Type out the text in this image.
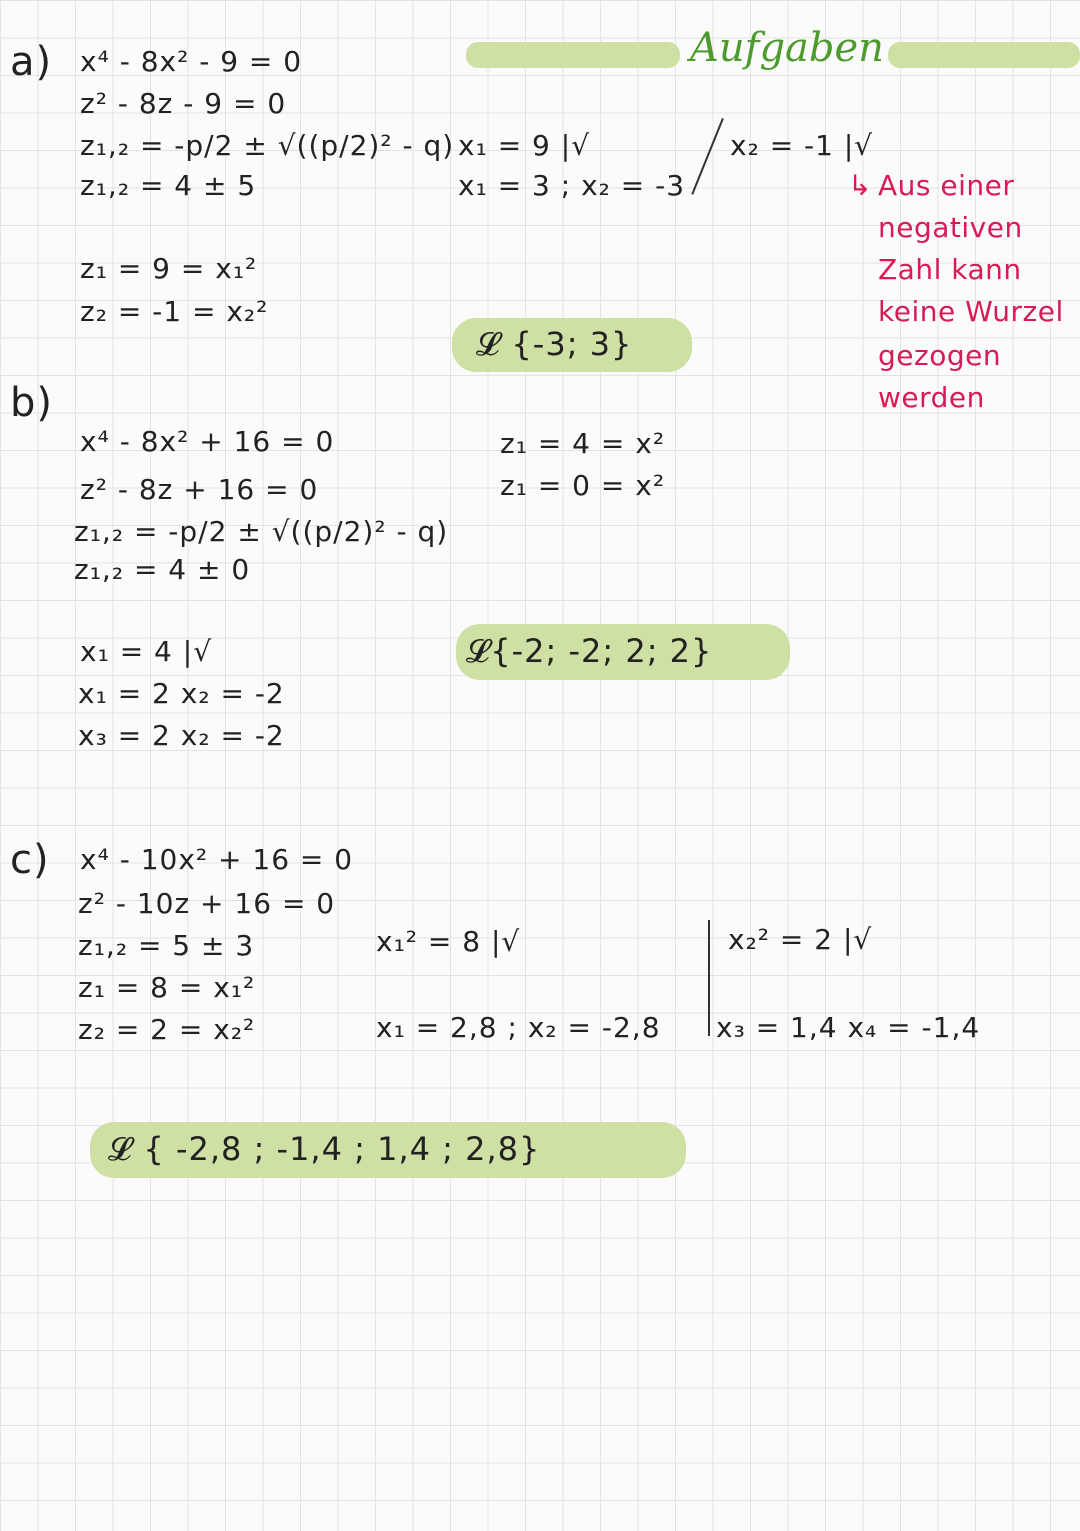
Aufgaben
a) x⁴ - 8x² - 9 = 0
z² - 8z - 9 = 0
z₁,₂ = -p/2 ± √((p/2)² - q)
z₁,₂ = 4 ± 5
z₁ = 9 = x₁²
z₂ = -1 = x₂²
x₁ = 9 |√
x₁ = 3 ; x₂ = -3
x₂ = -1 |√
↳ Aus einer
negativen
Zahl kann
keine Wurzel
gezogen
werden
𝓛 {-3; 3}
b)
x⁴ - 8x² + 16 = 0
z² - 8z + 16 = 0
z₁,₂ = -p/2 ± √((p/2)² - q)
z₁,₂ = 4 ± 0
x₁ = 4 |√
x₁ = 2 x₂ = -2
x₃ = 2 x₂ = -2
z₁ = 4 = x²
z₁ = 0 = x²
𝓛{-2; -2; 2; 2}
c) x⁴ - 10x² + 16 = 0
z² - 10z + 16 = 0
z₁,₂ = 5 ± 3
z₁ = 8 = x₁²
z₂ = 2 = x₂²
x₁² = 8 |√
x₁ = 2,8 ; x₂ = -2,8
x₂² = 2 |√
x₃ = 1,4 x₄ = -1,4
𝓛 { -2,8 ; -1,4 ; 1,4 ; 2,8}
